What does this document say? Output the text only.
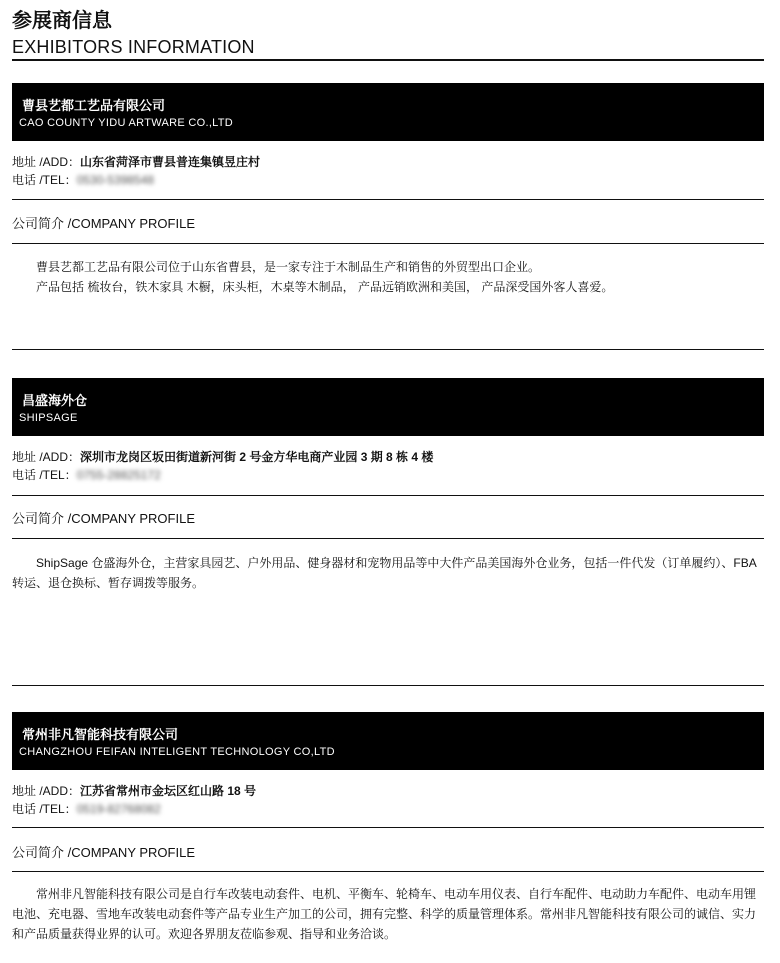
参展商信息
EXHIBITORS INFORMATION
曹县艺都工艺品有限公司
CAO COUNTY YIDU ARTWARE CO.,LTD
地址 /ADD：山东省菏泽市曹县普连集镇昱庄村
电话 /TEL：0530-5398548
公司简介 /COMPANY PROFILE

曹县艺都工艺品有限公司位于山东省曹县，是一家专注于木制品生产和销售的外贸型出口企业。

产品包括 梳妆台，铁木家具 木橱，床头柜，木桌等木制品， 产品远销欧洲和美国， 产品深受国外客人喜爱。

昌盛海外仓
SHIPSAGE
地址 /ADD：深圳市龙岗区坂田街道新河街 2 号金方华电商产业园 3 期 8 栋 4 楼
电话 /TEL：0755-28825172
公司简介 /COMPANY PROFILE

ShipSage 仓盛海外仓，主营家具园艺、户外用品、健身器材和宠物用品等中大件产品美国海外仓业务，包括一件代发（订单履约）、FBA 转运、退仓换标、暂存调拨等服务。

常州非凡智能科技有限公司
CHANGZHOU FEIFAN INTELIGENT TECHNOLOGY CO,LTD
地址 /ADD：江苏省常州市金坛区红山路 18 号
电话 /TEL：0519-82768082
公司简介 /COMPANY PROFILE

常州非凡智能科技有限公司是自行车改装电动套件、电机、平衡车、轮椅车、电动车用仪表、自行车配件、电动助力车配件、电动车用锂电池、充电器、雪地车改装电动套件等产品专业生产加工的公司，拥有完整、科学的质量管理体系。常州非凡智能科技有限公司的诚信、实力和产品质量获得业界的认可。欢迎各界朋友莅临参观、指导和业务洽谈。
